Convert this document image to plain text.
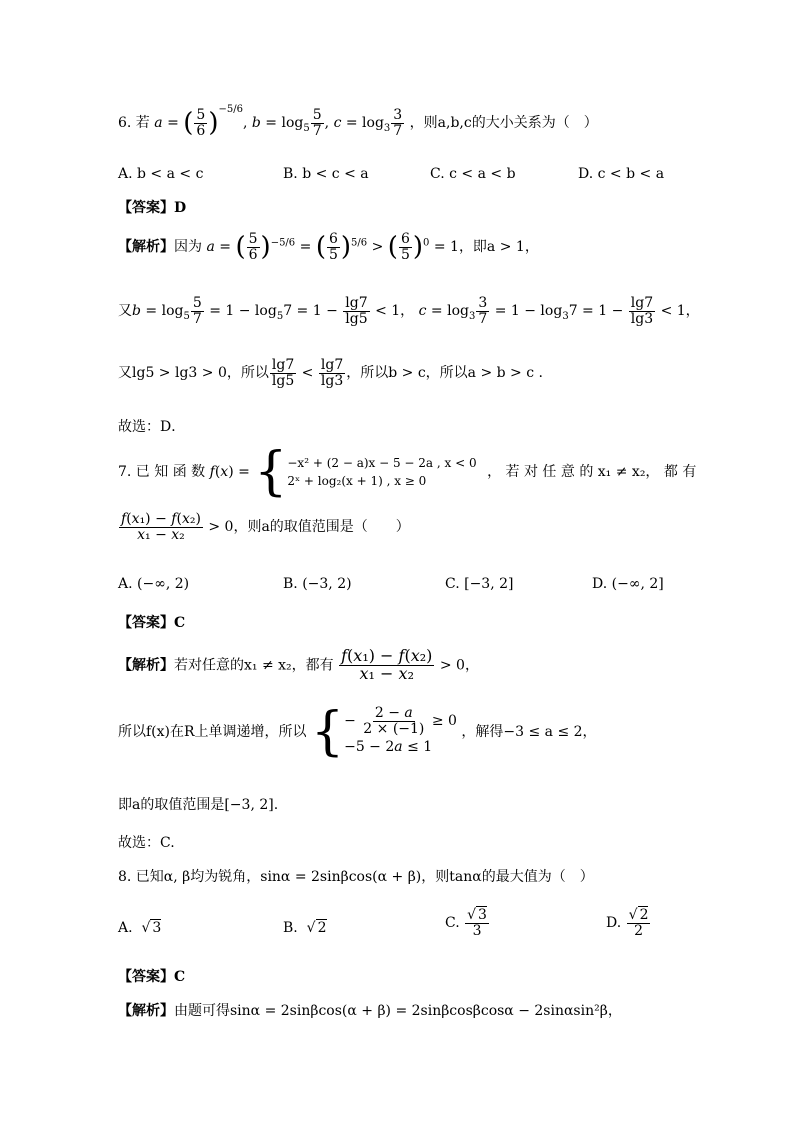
6. 若 a = ( $\frac{5}{6} )^{-5/6}$, $b = \log_5 \frac{5}{7}$ , $c = \log_3 \frac{3}{7}$ ，则a,b,c的大小关系为（　）
A. b < a < c	B. b < c < a	C. c < a < b	D. c < b < a
【答案】D
【解析】因为 a = ( $\frac{5}{6} )^{-5/6}$ = ( $\frac{6}{5} )^{5/6}$ > ( $\frac{6}{5} )^0 = 1$，即a > 1，
又$b = \log_5 \frac{5}{7} = 1 - \log_57 = 1 - \frac{\lg 7}{\lg 5} < 1$， $c = \log_3 \frac{3}{7} = 1 - \log_37 = 1 - \frac{\lg 7}{\lg 3} < 1$，
又lg5 > lg3 > 0，所以 $\frac{\lg 7}{\lg 5} < \frac{\lg 7}{\lg 3}$ ，所以b > c，所以a > b > c .
故选：D．
7. 已 知 函 数 f(x) = { −x² + (2 − a)x − 5 − 2a , x < 0
2ˣ + log₂(x + 1) , x ≥ 0
， 若 对 任 意 的 x₁ ≠ x₂， 都 有
$\frac{\text{f(x₁) − f(x₂)}}{\text{x₁ − x₂}} > 0$，则a的取值范围是（　　）
A. (−∞, 2)	B. (−3, 2)	C. [−3, 2]	D. (−∞, 2]
【答案】C
【解析】若对任意的x₁ ≠ x₂，都有 $\frac{\text{f(x₁) − f(x₂)}}{\text{x₁ − x₂}} > 0$，
所以f(x)在R上单调递增，所以 { − $\frac{2 - a}{2 \times (-1)} \ge 0$
−5 − 2a ≤ 1
，解得−3 ≤ a ≤ 2，
即a的取值范围是[−3, 2].
故选：C.
8. 已知α, β均为锐角，sinα = 2sinβcos(α + β)，则tanα的最大值为（　）
A.  √ 3	B.  √ 2	C. $\frac{√ 3}{3}$	D. $\frac{√ 2}{2}$
【答案】C
【解析】由题可得sinα = 2sinβcos(α + β) = 2sinβcosβcosα − 2sinαsin²β，
